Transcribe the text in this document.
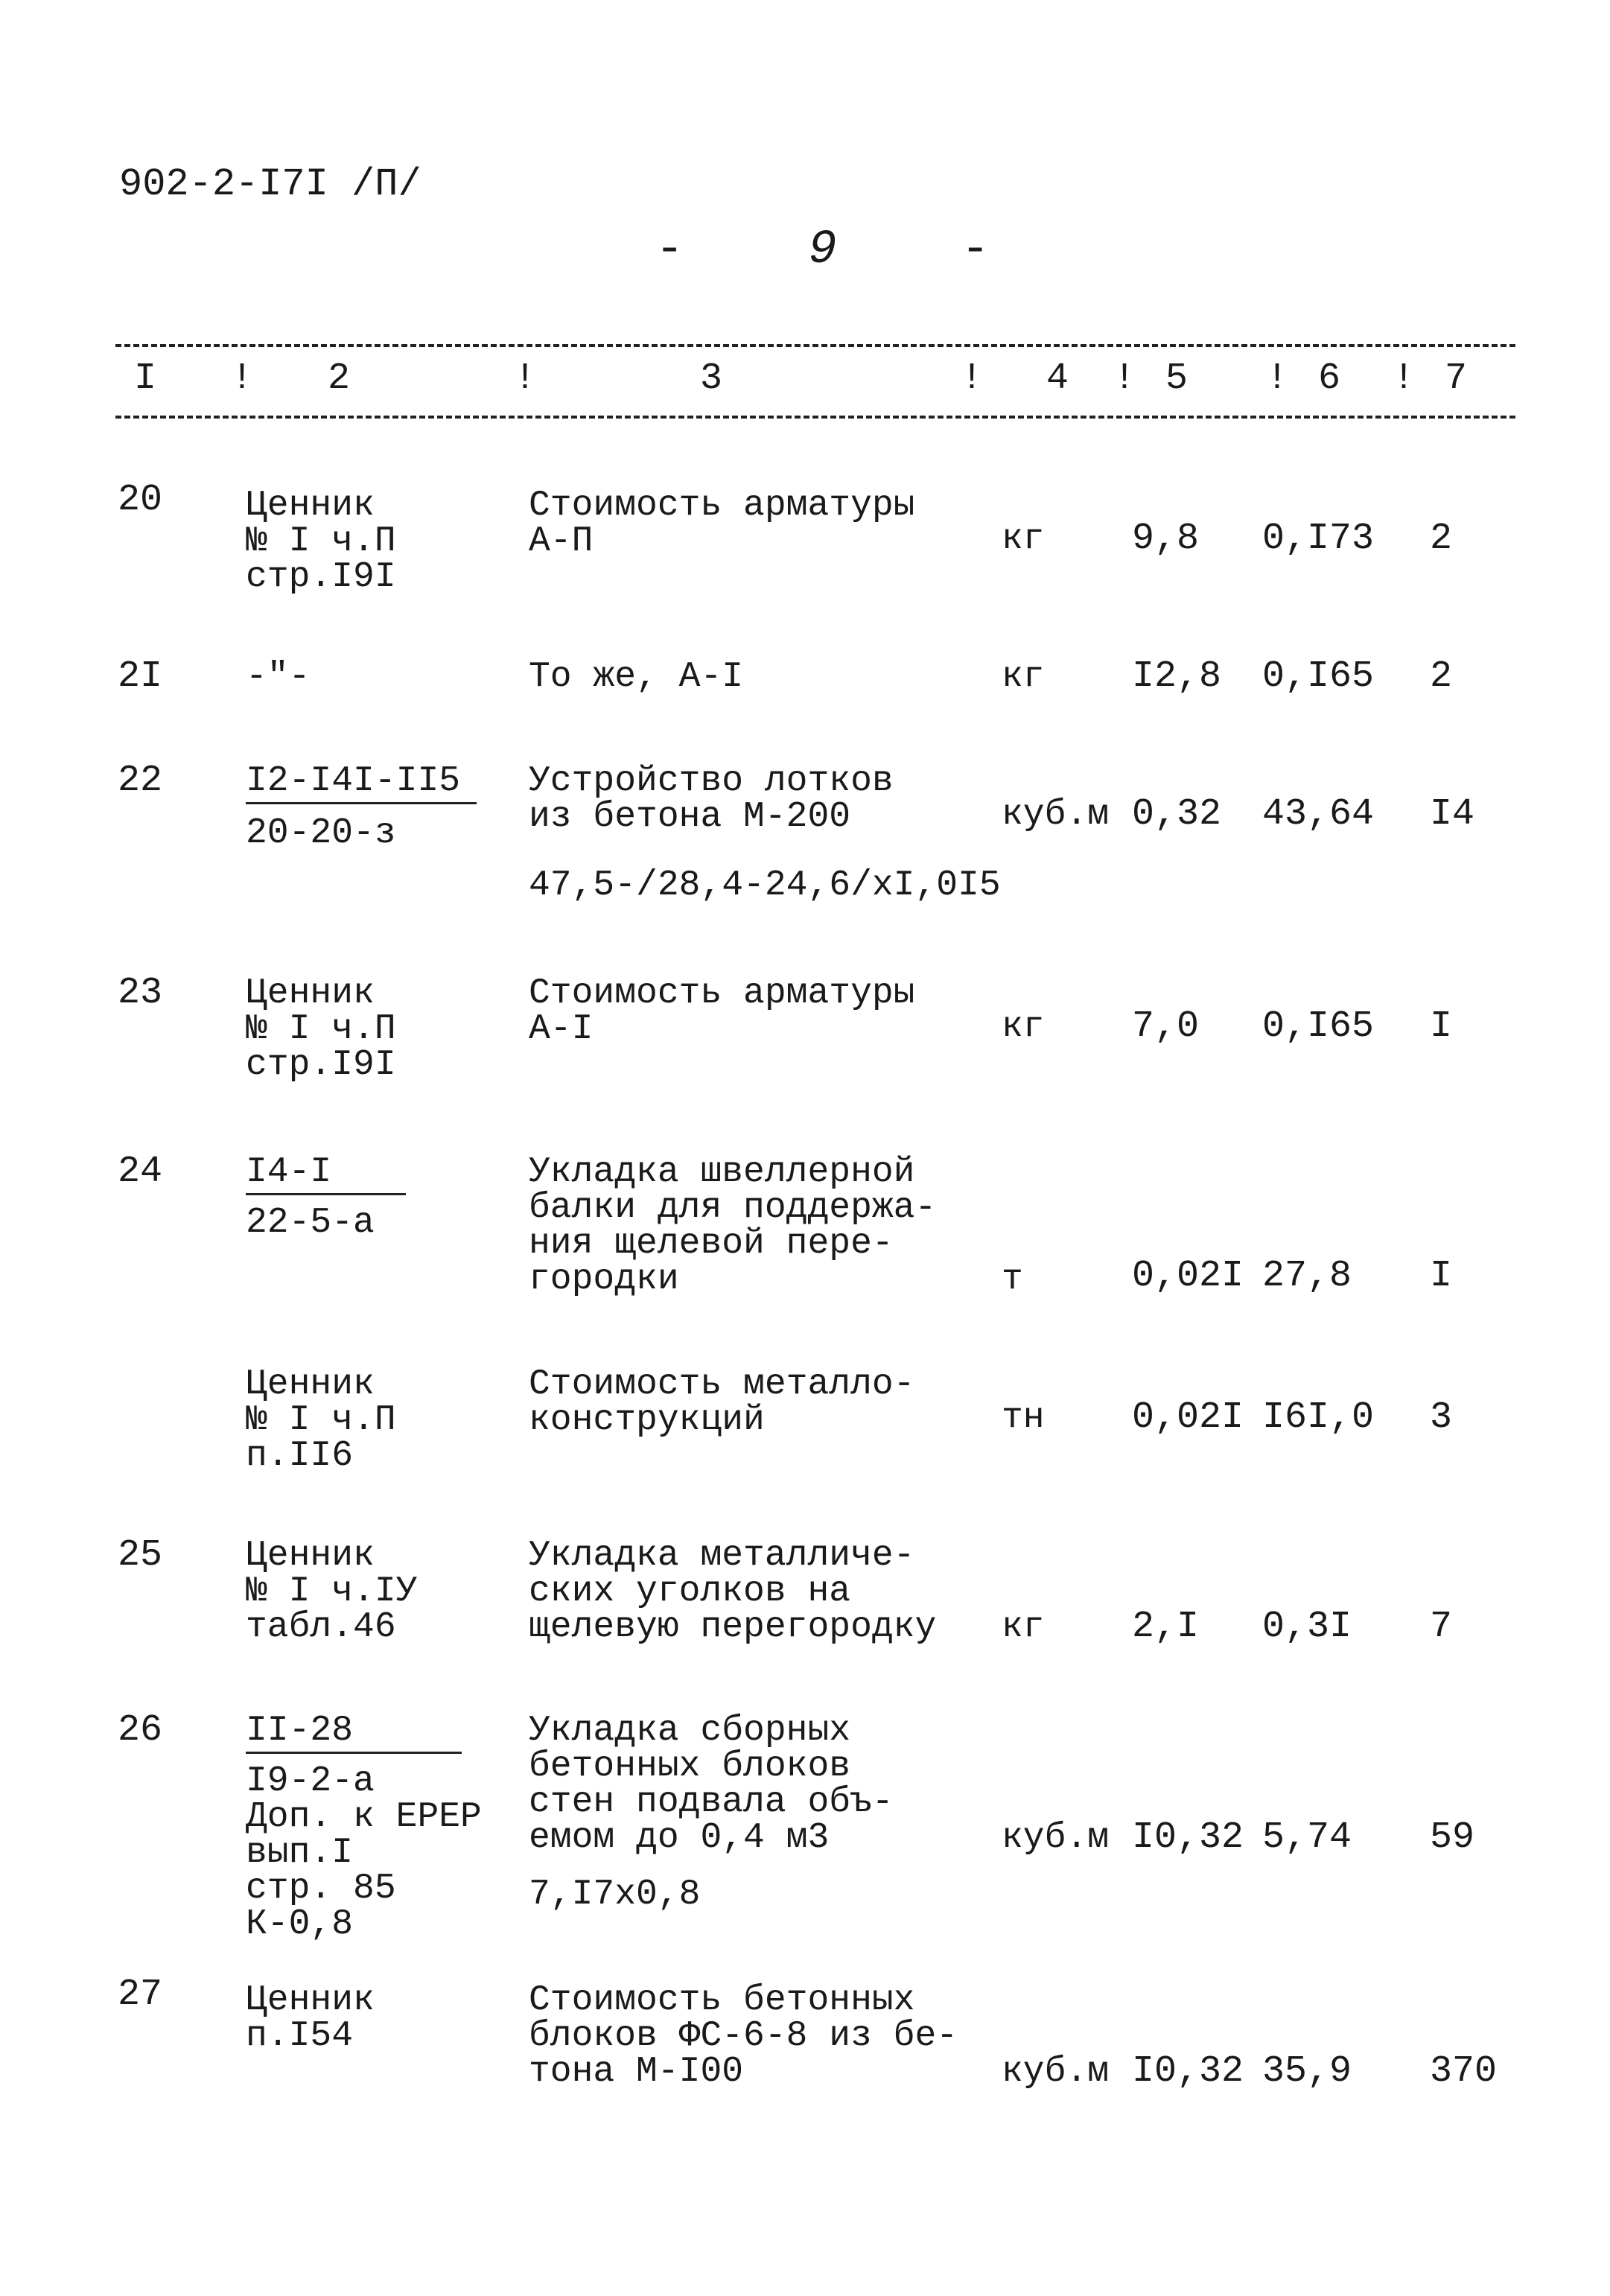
902-2-I7I /П/
-	9	-
I ! 2	!	3	! 4 ! 5 ! 6 ! 7
20 Ценник
№ I ч.П
стр.I9I
Стоимость арматуры
А-П	кг 9,8 0,I73 2
2I -"-	То же, А-I	кг I2,8 0,I65 2
22 I2-I4I-II5
20-20-з
Устройство лотков
из бетона М-200
47,5-/28,4-24,6/хI,0I5
куб.м 0,32 43,64 I4
23 Ценник
№ I ч.П
стр.I9I
Стоимость арматуры
А-I	кг 7,0 0,I65 I
24 I4-I
22-5-а
Укладка швеллерной
балки для поддержа-
ния щелевой пере-
городки	т	0,02I 27,8 I
Ценник
№ I ч.П
п.II6
Стоимость металло-
конструкций	тн 0,02I I6I,0 3
25 Ценник
№ I ч.IУ
табл.46
Укладка металличе-
ских уголков на
щелевую перегородку кг 2,I 0,3I 7
26 II-28
I9-2-а
Доп. к ЕРЕР
вып.I
стр. 85
К-0,8
Укладка сборных
бетонных блоков
стен подвала объ-
емом до 0,4 м3
7,I7х0,8
куб.м I0,32 5,74 59
27 Ценник
п.I54
Стоимость бетонных
блоков ФС-6-8 из бе-
тона М-I00	куб.м I0,32 35,9 370
